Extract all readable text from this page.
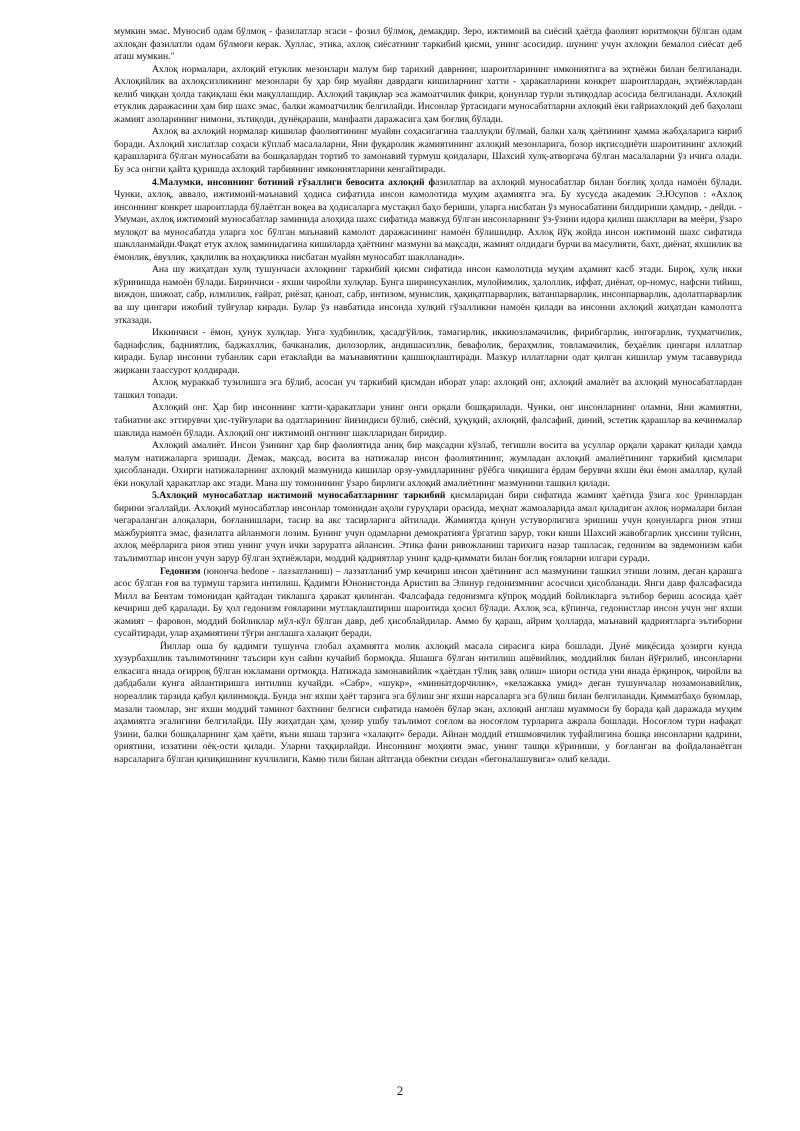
мумкин эмас. Муносиб одам бўлмоқ - фазилатлар эгаси - фозил бўлмоқ, демакдир. Зеро, ижтимоий ва сиёсий ҳаётда фаолият юритмоқчи бўлган одам ахлоқан фазилатли одам бўлмоғи керак. Хуллас, этика, ахлоқ сиёсатнинг таркибий қисми, унинг асосидир. шунинг учун ахлоқни бемалол сиёсат деб аташ мумкин."

Ахлоқ нормалари, ахлоқий етуклик мезонлари малум бир тарихий даврнинг, шароитларининг имкониятига ва эҳтиёжи билан белгиланади. Ахлоқийлик ва ахлоқсизликнинг мезонлари бу ҳар бир муайян даврдаги кишиларнинг хатти - ҳаракатларини конкрет шароитлардан, эҳтиёжлардан келиб чиққан ҳолда тақиқлаш ёки мақуллашдир. Ахлоқий тақиқлар эса жамоатчилик фикри, қонунлар турли зътиқодлар асосида белгиланади. Ахлоқий етуклик даражасини ҳам бир шахс эмас, балки жамоатчилик белгилайди. Инсонлар ўртасидаги муносабатларни ахлоқий ёки ғайриахлоқий деб баҳолаш жамият азоларининг нимони, зътиқоди, дунёқараши, манфаати даражасига ҳам боғлиқ бўлади.

Ахлоқ ва ахлоқий нормалар кишилар фаолиятининг муайян соҳасигагина тааллуқли бўлмай, балки халқ ҳаётининг ҳамма жабҳаларига кириб боради. Ахлоқий хислатлар соҳаси кўплаб масалаларни, Яни фуқаролик жамиятининг ахлоқий мезонларига, бозор иқтисодиёти шароитининг ахлоқий қарашларига бўлган муносабати ва бошқалардан тортиб то замонавий турмуш қоидалари, Шахсий хулқ-атворгача бўлган масалаларни ўз ичига олади. Бу эса онгни қайта қуришда ахлоқий тарбиянинг имкониятларини кенгайтиради.

4.Малумки, инсоннинг ботиний гўзаллиги бевосита ахлоқий фазилатлар ва ахлоқий муносабатлар билан боғлиқ ҳолда намоён бўлади. Чунки, ахлоқ, аввало, ижтимоий-маънавий ҳодиса сифатида инсон камолотида муҳим аҳамиятга эга. Бу хусусда академик Э.Юсупов : «Ахлоқ инсоннинг конкрет шароитларда бўлаётган воқеа ва ҳодисаларга мустақил баҳо бериши, уларга нисбатан ўз муносабатини билдириши ҳамдир, - дейди. - Умуман, ахлоқ ижтимоий муносабатлар заминида алоҳида шахс сифатида мавжуд бўлган инсонларнинг ўз-ўзини идора қилиш шакллари ва меёри, ўзаро мулоқот ва муносабатда уларга хос бўлган маънавий камолот даражасининг намоён бўлишидир. Ахлоқ йўқ жойда инсон ижтимоий шахс сифатида шаклланмайди.Фақат етук ахлоқ заминидагина кишиларда ҳаётнинг мазмуни ва мақсади, жамият олдидаги бурчи ва масулияти, бахт, диёнат, яхшилик ва ёмонлик, ёвузлик, ҳақлилик ва ноҳақликка нисбатан муайян муносабат шаклланади».

Ана шу жиҳатдан хулқ тушунчаси ахлоқнинг таркибий қисми сифатида инсон камолотида муҳим аҳамият касб этади. Бироқ, хулқ икки кўринишда намоён бўлади. Биринчиси - яхши чиройли хулқлар. Бунга ширинсуханлик, мулойимлик, ҳалоллик, иффат, диёнат, ор-номус, нафсни тийиш, виждон, шижоат, сабр, илмлилик, ғайрат, риёзат, қаноат, сабр, интизом, мунислик, ҳақиқатпарварлик, ватанпарварлик, инсонпарварлик, адолатпарварлик ва шу цингари ижобий туйғулар киради. Булар ўз навбатида инсонда хулқий гўзалликни намоён қилади ва инсонни ахлоқий жиҳатдан камолотга этказади.

Иккинчиси - ёмон, ҳунук хулқлар. Унга худбинлик, ҳасадгўйлик, тамагирлик, иккиюзламачилик, фирибгарлик, ингоғарлик, туҳматчилик, баднафслик, бадниятлик, баджахллик, бачканалик, дилозорлик, андишасизлик, бевафолик, бераҳмлик, товламачилик, беҳаёлик цингари иллатлар киради. Булар инсонни тубанлик сари етаклайди ва маънавиятини қашшоқлаштиради. Мазкур иллатларни одат қилган кишилар умум тасаввурида жиркани таассурот қолдиради.

Ахлоқ мураккаб тузилишга эга бўлиб, асосан уч таркибий қисмдан иборат улар: ахлоқий онг, ахлоқий амалиёт ва ахлоқий муносабатлардан ташкил топади.

Ахлоқий онг. Ҳар бир инсоннинг хатти-ҳаракатлари унинг онги орқали бошқарилади. Чунки, онг инсонларнинг оламни, Яни жамиятни, табиатни акс эттирувчи ҳис-туйғулари ва одатларининг йиғиндиси бўлиб, сиёсий, ҳуқуқий, ахлоқий, фалсафий, диний, эстетик қарашлар ва кечинмалар шаклида намоён бўлади. Ахлоқий онг ижтимоий онгнинг шаклларидан биридир.

Ахлоқий амалиёт. Инсон ўзининг ҳар бир фаолиятида аниқ бир мақсадни кўзлаб, тегишли восита ва усуллар орқали ҳаракат қилади ҳамда малум натижаларга эришади. Демак, мақсад, восита ва натижалар инсон фаолиятининг, жумладан ахлоқий амалиётининг таркибий қисмлари ҳисобланади. Охирги натижаларнинг ахлоқий мазмунида кишилар орзу-умидларининг рўёбга чиқишига ёрдам берувчи яхши ёки ёмон амаллар, қулай ёки ноқулай ҳаракатлар акс этади. Мана шу томонининг ўзаро бирлиги ахлоқий амалиётнинг мазмунини ташкил қилади.

5.Ахлоқий муносабатлар ижтимоий муносабатларнинг таркибий қисмларидан бири сифатида жамият ҳаётида ўзига хос ўринлардан бирини эгаллайди. Ахлоқий муносабатлар инсонлар томонидан аҳоли гуруҳлари орасида, меҳнат жамоаларида амал қиладиган ахлоқ нормалари билан чегараланган алоқалари, боғланишлари, тасир ва акс тасирларига айтилади. Жамиятда қонун устуворлигига эришиш учун қонунларга риоя этиш мажбуриятга эмас, фазилатга айланмоги лозим. Бунинг учун одамларни демократияга ўргатиш зарур, токи киши Шахсий жавобгарлик ҳиссини туйсин, ахлоқ меёрларига риоя этиш унинг учун ички заруратга айлансин. Этика фани ривожланиш тарихига назар ташласак, гедонизм ва эвдемонизм каби таълимотлар инсон учун зарур бўлган эҳтиёжлари, моддий қадриятлар унинг қадр-қиммати билан боғлиқ ғояларни илгари суради.

Гедонизм (юнонча hedone - лаззатланиш) – лаззатланиб умр кечириш инсон ҳаётининг асл мазмунини ташкил этиши лозим, деган қарашга асос бўлган ғоя ва турмуш тарзига интилиш. Қадимги Юнонистонда Аристип ва Элинур гедонизмнинг асосчиси ҳисобланади. Янги давр фалсафасида Милл ва Бентам томонидан қайтадан тиклашга ҳаракат қилинган. Фалсафада гедонизмга кўпроқ моддий бойликларга эътибор бериш асосида ҳаёт кечириш деб қаралади. Бу ҳол гедонизм ғояларини мутлақлаштириш шароитида ҳосил бўлади. Ахлоқ эса, кўпинча, гедонистлар инсон учун энг яхши жамият – фаровон, моддий бойликлар мўл-кўл бўлган давр, деб ҳисоблайдилар. Аммо бу қараш, айрим ҳолларда, маънавий қадриятларга эътиборни сусайтиради, улар аҳамиятини тўғри англашга халақит беради.

Йиллар оша бу қадимги тушунча глобал аҳамиятга молик ахлоқий масала сирасига кира бошлади. Дунё миқёсида ҳозирги кунда хузурбахшлик таълимотининг таъсири кун сайин кучайиб бормоқда. Яшашга бўлган интилиш ашёвийлик, моддийлик билан йўғрилиб, инсонларни елкасига янада оғирроқ бўлган юкламани ортмоқда. Натижада замонавийлик «ҳаётдан тўлиқ завқ олиш» шиори остида уни янада ёрқинроқ, чиройли ва дабдабали кунга айлантиришга интилиш кучайди. «Сабр», «шукр», «миннатдорчилик», «келажакка умид» деган тушунчалар нозамонавийлик, нореаллик тарзида қабул қилинмоқда. Бунда энг яхши ҳаёт тарзига эга бўлиш энг яхши нарсаларга эга бўлиш билан белгиланади. Қимматбаҳо буюмлар, мазали таомлар, энг яхши моддий таминот бахтнинг белгиси сифатида намоён бўлар экан, ахлоқий англаш муаммоси бу борада қай даражада муҳим аҳамиятга эгалигини белгилайди. Шу жиҳатдан ҳам, ҳозир ушбу таълимот соғлом ва носоғлом турларига ажрала бошлади. Носоғлом тури нафақат ўзини, балки бошқаларнинг ҳам ҳаёти, яъни яшаш тарзига «халақит» беради. Айнан моддий етишмовчилик туфайлигина бошқа инсонларни қадрини, ориятини, иззатини оёқ-ости қилади. Уларни таҳқирлайди. Инсоннинг моҳияти эмас, унинг ташқи кўриниши, у боғланган ва фойдаланаётган нарсаларига бўлган қизиқишнинг кучлилиги, Камю тили билан айтганда обектни сиздан «бегоналашувига» олиб келади.

2
